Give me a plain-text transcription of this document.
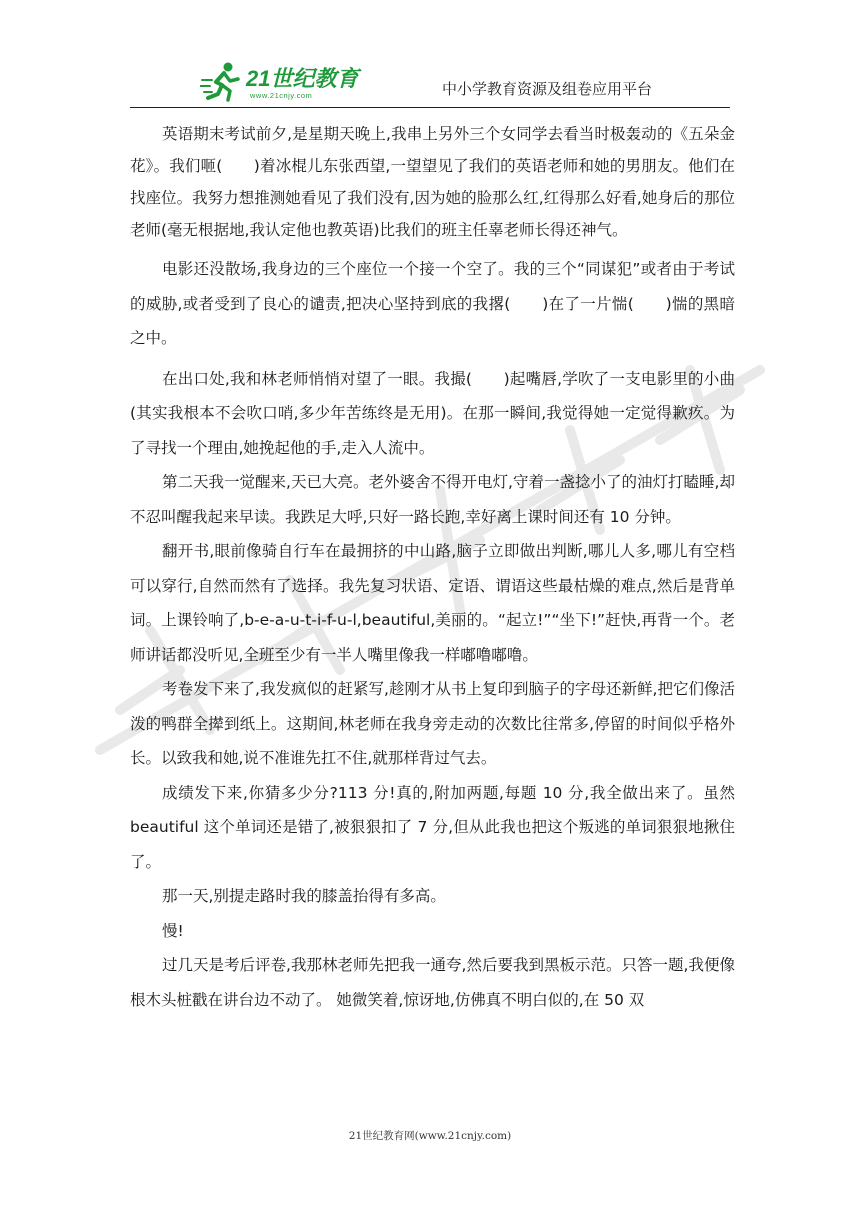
21世纪教育
www.21cnjy.com	中小学教育资源及组卷应用平台

英语期末考试前夕,是星期天晚上,我串上另外三个女同学去看当时极轰动的《五朵金花》。我们咂(　　)着冰棍儿东张西望,一望望见了我们的英语老师和她的男朋友。他们在找座位。我努力想推测她看见了我们没有,因为她的脸那么红,红得那么好看,她身后的那位老师(毫无根据地,我认定他也教英语)比我们的班主任辜老师长得还神气。

电影还没散场,我身边的三个座位一个接一个空了。我的三个“同谋犯”或者由于考试的威胁,或者受到了良心的谴责,把决心坚持到底的我撂(　　)在了一片惴(　　)惴的黑暗之中。

在出口处,我和林老师悄悄对望了一眼。我撮(　　)起嘴唇,学吹了一支电影里的小曲(其实我根本不会吹口哨,多少年苦练终是无用)。在那一瞬间,我觉得她一定觉得歉疚。为了寻找一个理由,她挽起他的手,走入人流中。

第二天我一觉醒来,天已大亮。老外婆舍不得开电灯,守着一盏捻小了的油灯打瞌睡,却不忍叫醒我起来早读。我跌足大呼,只好一路长跑,幸好离上课时间还有 10 分钟。

翻开书,眼前像骑自行车在最拥挤的中山路,脑子立即做出判断,哪儿人多,哪儿有空档可以穿行,自然而然有了选择。我先复习状语、定语、谓语这些最枯燥的难点,然后是背单词。上课铃响了,b-e-a-u-t-i-f-u-l,beautiful,美丽的。“起立!”“坐下!”赶快,再背一个。老师讲话都没听见,全班至少有一半人嘴里像我一样嘟噜嘟噜。

考卷发下来了,我发疯似的赶紧写,趁刚才从书上复印到脑子的字母还新鲜,把它们像活泼的鸭群全撵到纸上。这期间,林老师在我身旁走动的次数比往常多,停留的时间似乎格外长。以致我和她,说不准谁先扛不住,就那样背过气去。

成绩发下来,你猜多少分?113 分!真的,附加两题,每题 10 分,我全做出来了。虽然 beautiful 这个单词还是错了,被狠狠扣了 7 分,但从此我也把这个叛逃的单词狠狠地揪住了。

那一天,别提走路时我的膝盖抬得有多高。

慢!

过几天是考后评卷,我那林老师先把我一通夸,然后要我到黑板示范。只答一题,我便像根木头桩戳在讲台边不动了。 她微笑着,惊讶地,仿佛真不明白似的,在 50 双

21世纪教育网(www.21cnjy.com)
